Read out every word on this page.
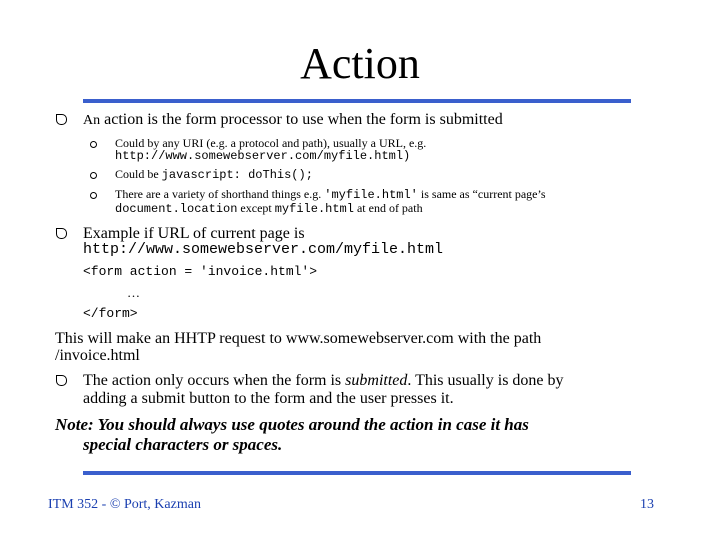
Action
An action is the form processor to use when the form is submitted
Could by any URI (e.g. a protocol and path), usually a URL, e.g.
http://www.somewebserver.com/myfile.html)
Could be javascript: doThis();
There are a variety of shorthand things e.g. 'myfile.html' is same as “current page’s
document.location except myfile.html at end of path
Example if URL of current page is
http://www.somewebserver.com/myfile.html
<form action = 'invoice.html'>
…
</form>
This will make an HHTP request to www.somewebserver.com with the path
/invoice.html
The action only occurs when the form is submitted. This usually is done by
adding a submit button to the form and the user presses it.
Note: You should always use quotes around the action in case it has
special characters or spaces.
ITM 352 - © Port, Kazman	13
